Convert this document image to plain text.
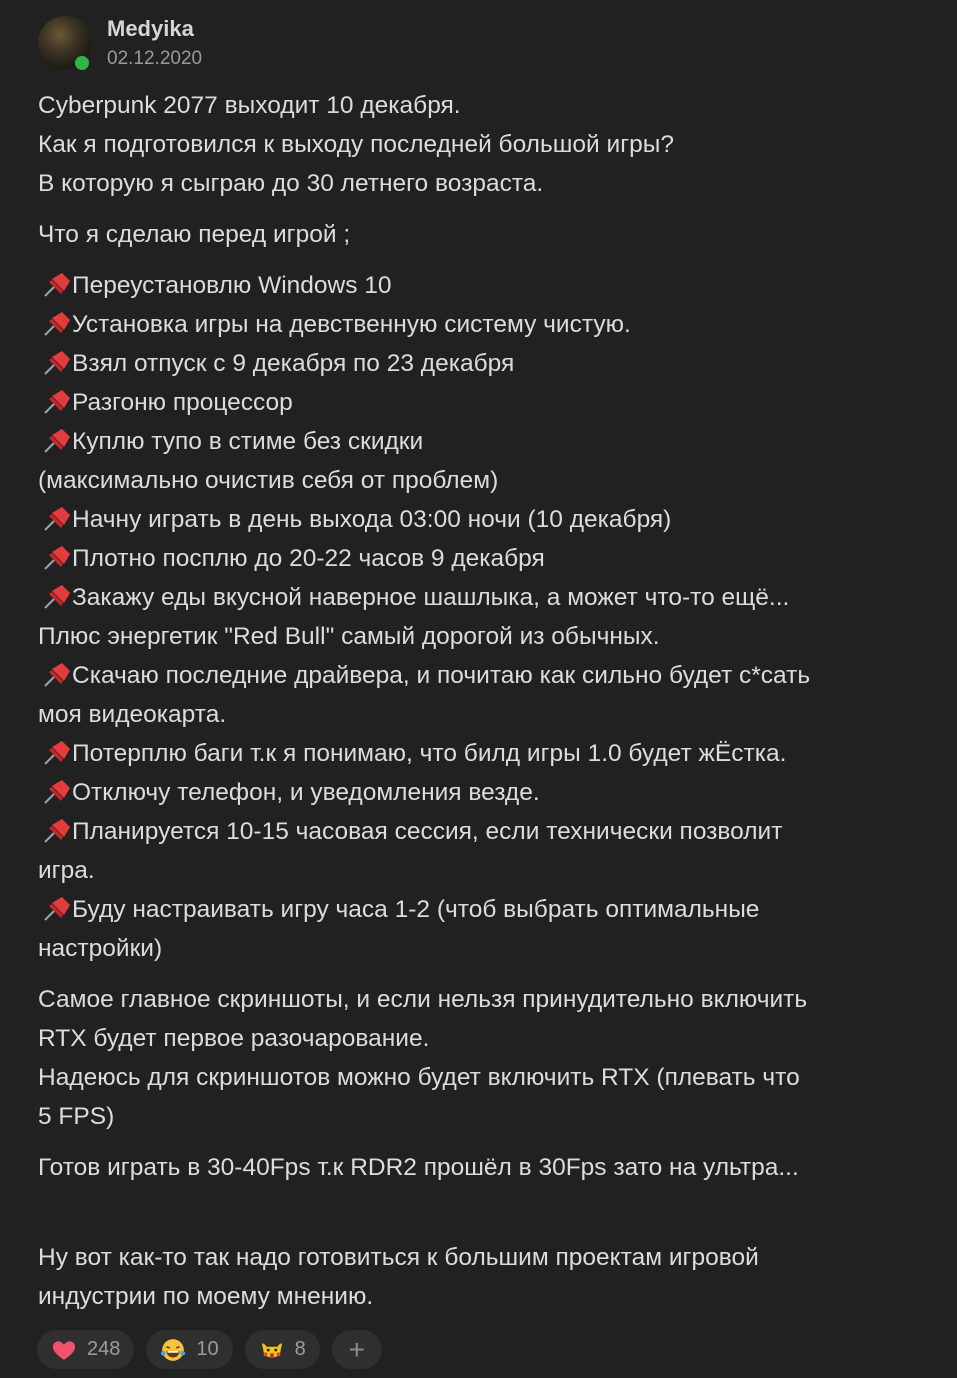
Medyika
02.12.2020
Cyberpunk 2077 выходит 10 декабря.
Как я подготовился к выходу последней большой игры?
В которую я сыграю до 30 летнего возраста.
Что я сделаю перед игрой ;
Переустановлю Windows 10
Установка игры на девственную систему чистую.
Взял отпуск с 9 декабря по 23 декабря
Разгоню процессор
Куплю тупо в стиме без скидки
(максимально очистив себя от проблем)
Начну играть в день выхода 03:00 ночи (10 декабря)
Плотно посплю до 20-22 часов 9 декабря
Закажу еды вкусной наверное шашлыка, а может что-то ещё...
Плюс энергетик "Red Bull" самый дорогой из обычных.
Скачаю последние драйвера, и почитаю как сильно будет с*сать
моя видеокарта.
Потерплю баги т.к я понимаю, что билд игры 1.0 будет жЁстка.
Отключу телефон, и уведомления везде.
Планируется 10-15 часовая сессия, если технически позволит
игра.
Буду настраивать игру часа 1-2 (чтоб выбрать оптимальные
настройки)
Самое главное скриншоты, и если нельзя принудительно включить
RTX будет первое разочарование.
Надеюсь для скриншотов можно будет включить RTX (плевать что
5 FPS)
Готов играть в 30-40Fps т.к RDR2 прошёл в 30Fps зато на ультра...
Ну вот как-то так надо готовиться к большим проектам игровой
индустрии по моему мнению.
248	10	8	+
